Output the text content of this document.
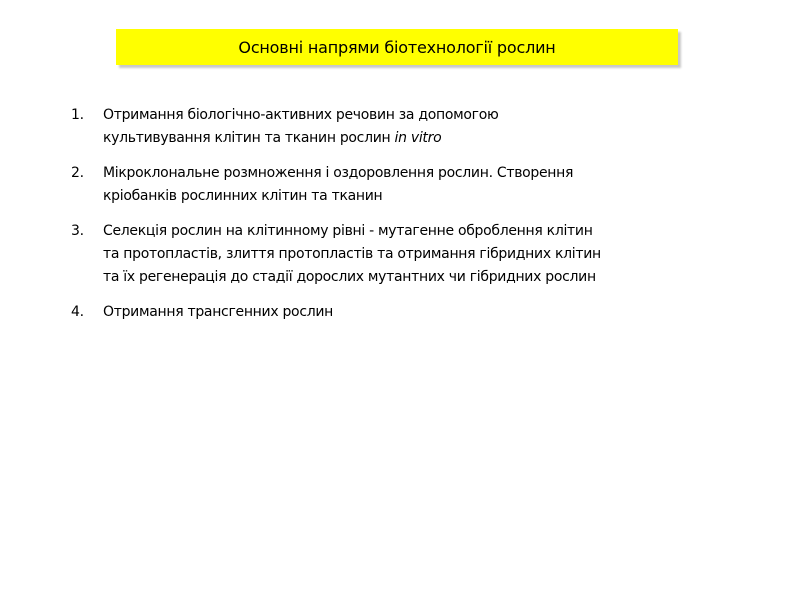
Основні напрями біотехнології рослин
1.	Отримання біологічно-активних речовин за допомогою
культивування клітин та тканин рослин in vitro
2.	Мікроклональне розмноження і оздоровлення рослин. Створення
кріобанків рослинних клітин та тканин
3.	Селекція рослин на клітинному рівні - мутагенне оброблення клітин
та протопластів, злиття протопластів та отримання гібридних клітин
та їх регенерація до стадії дорослих мутантних чи гібридних рослин
4.	Отримання трансгенних рослин
